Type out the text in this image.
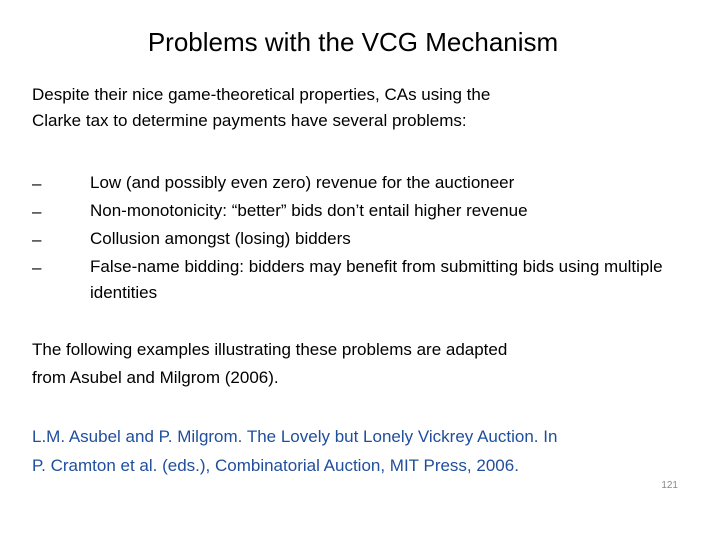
Problems with the VCG Mechanism

Despite their nice game-theoretical properties, CAs using the

Clarke tax to determine payments have several problems:

–	Low (and possibly even zero) revenue for the auctioneer
–	Non-monotonicity: “better” bids don’t entail higher revenue
–	Collusion amongst (losing) bidders
–	False-name bidding: bidders may benefit from submitting bids using multiple identities

The following examples illustrating these problems are adapted

from Asubel and Milgrom (2006).

L.M. Asubel and P. Milgrom. The Lovely but Lonely Vickrey Auction. In

P. Cramton et al. (eds.), Combinatorial Auction, MIT Press, 2006.

121
